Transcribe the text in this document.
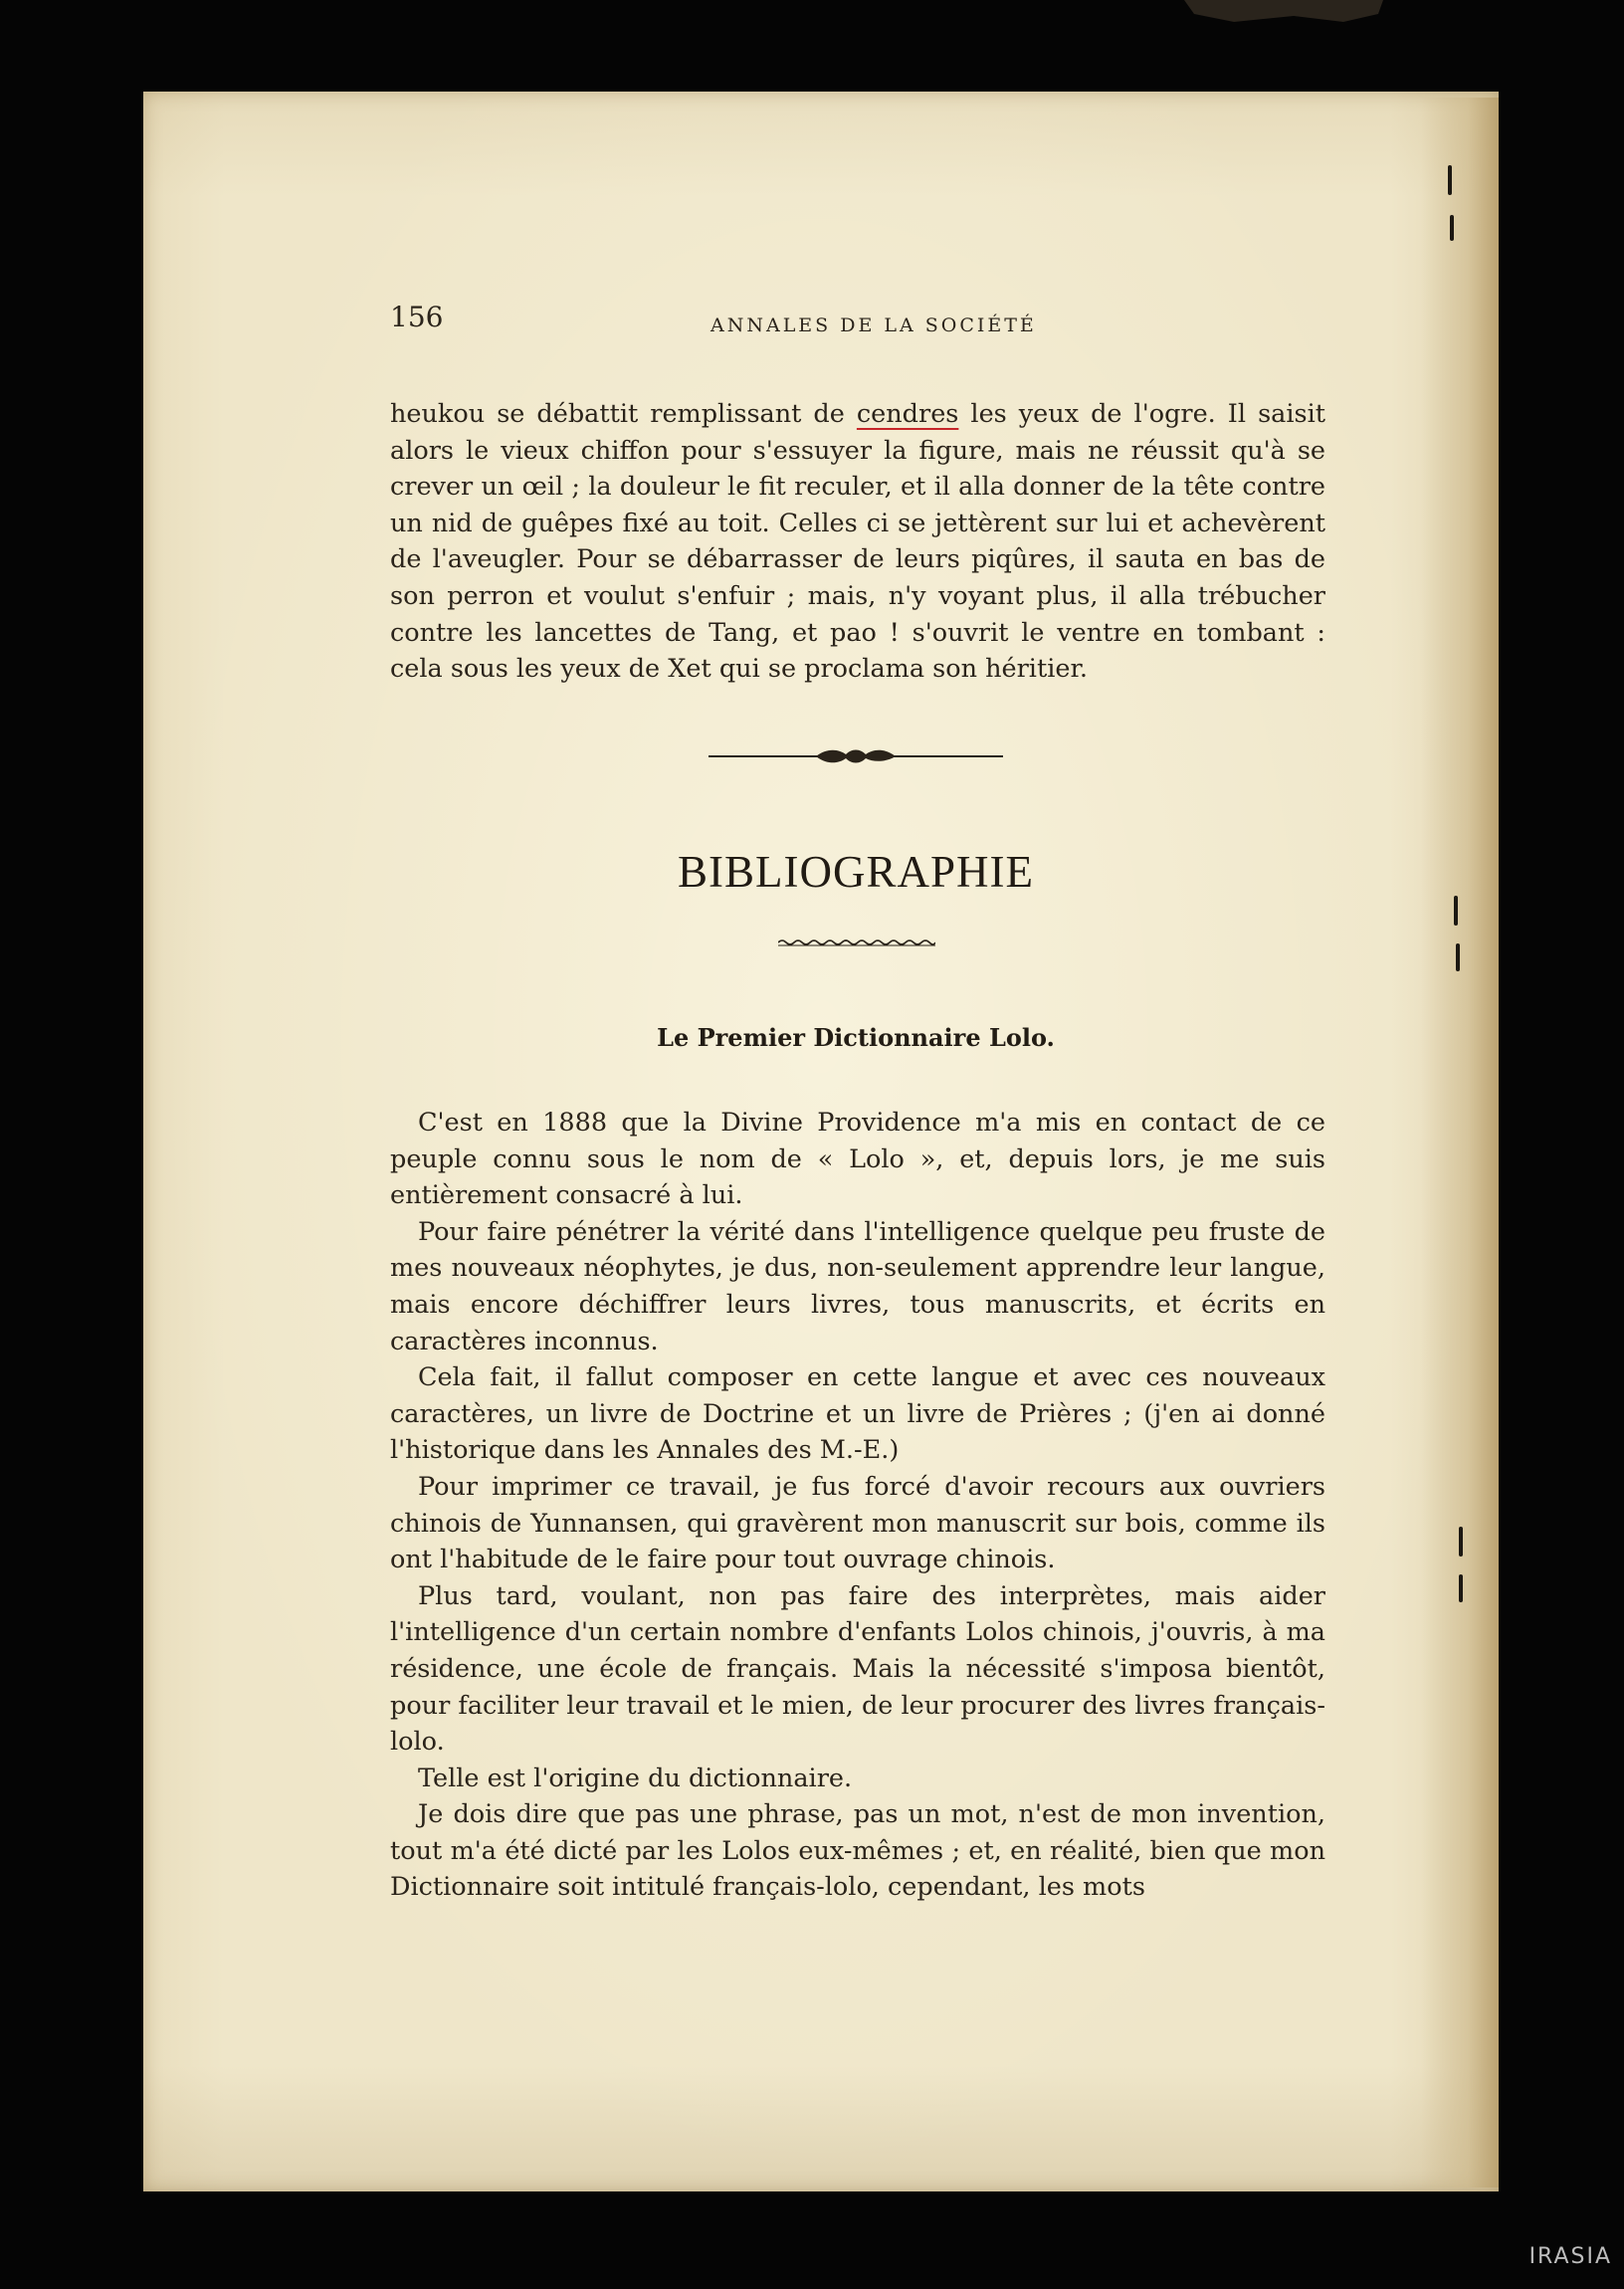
156	ANNALES DE LA SOCIÉTÉ

heukou se débattit remplissant de cendres les yeux de l'ogre. Il saisit alors le vieux chiffon pour s'essuyer la figure, mais ne réussit qu'à se crever un œil ; la douleur le fit reculer, et il alla donner de la tête contre un nid de guêpes fixé au toit. Celles ci se jettèrent sur lui et achevèrent de l'aveugler. Pour se débarrasser de leurs piqûres, il sauta en bas de son perron et voulut s'enfuir ; mais, n'y voyant plus, il alla trébucher contre les lancettes de Tang, et pao ! s'ouvrit le ventre en tombant : cela sous les yeux de Xet qui se proclama son héritier.

BIBLIOGRAPHIE
Le Premier Dictionnaire Lolo.

C'est en 1888 que la Divine Providence m'a mis en contact de ce peuple connu sous le nom de « Lolo », et, depuis lors, je me suis entièrement consacré à lui.

Pour faire pénétrer la vérité dans l'intelligence quelque peu fruste de mes nouveaux néophytes, je dus, non-seulement apprendre leur langue, mais encore déchiffrer leurs livres, tous manuscrits, et écrits en caractères inconnus.

Cela fait, il fallut composer en cette langue et avec ces nouveaux caractères, un livre de Doctrine et un livre de Prières ; (j'en ai donné l'historique dans les Annales des M.-E.)

Pour imprimer ce travail, je fus forcé d'avoir recours aux ouvriers chinois de Yunnansen, qui gravèrent mon manuscrit sur bois, comme ils ont l'habitude de le faire pour tout ouvrage chinois.

Plus tard, voulant, non pas faire des interprètes, mais aider l'intelligence d'un certain nombre d'enfants Lolos chinois, j'ouvris, à ma résidence, une école de français. Mais la nécessité s'imposa bientôt, pour faciliter leur travail et le mien, de leur procurer des livres français-lolo.

Telle est l'origine du dictionnaire.

Je dois dire que pas une phrase, pas un mot, n'est de mon invention, tout m'a été dicté par les Lolos eux-mêmes ; et, en réalité, bien que mon Dictionnaire soit intitulé français-lolo, cependant, les mots

IRASIA
